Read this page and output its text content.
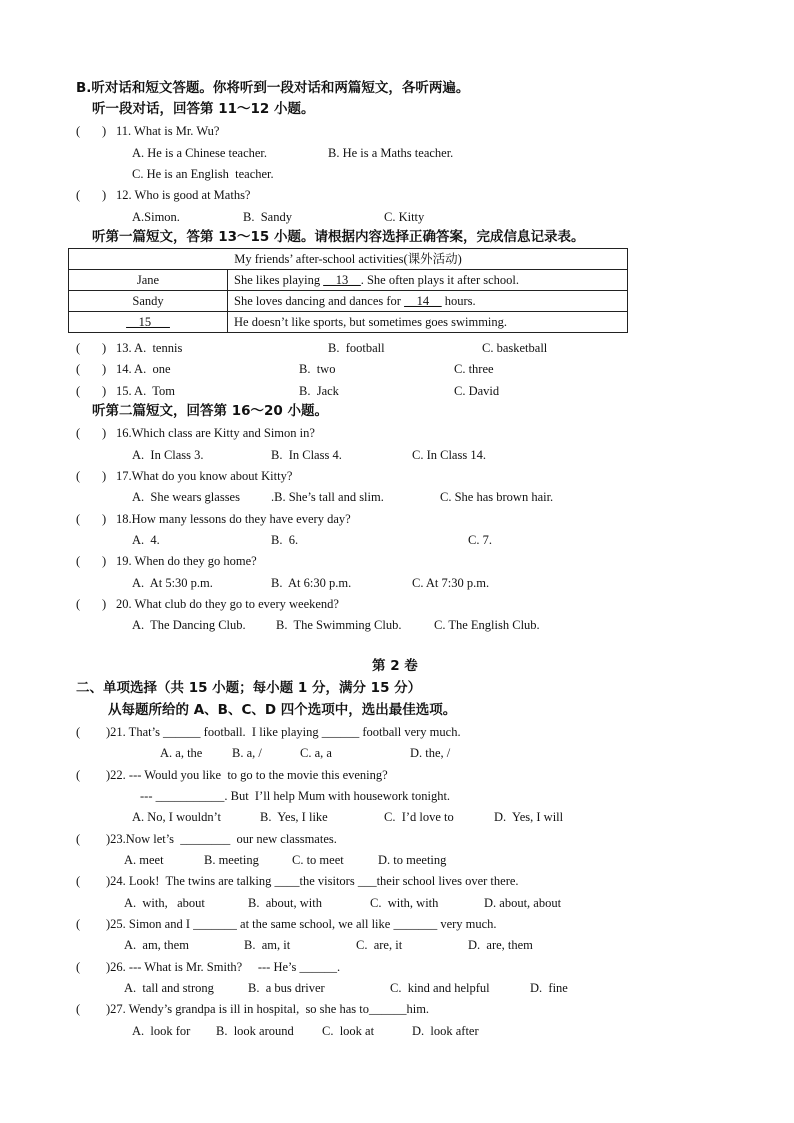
B.听对话和短文答题。你将听到一段对话和两篇短文，各听两遍。
听一段对话，回答第 11～12 小题。
(       ) 11. What is Mr. Wu?
A. He is a Chinese teacher.	B. He is a Maths teacher.
C. He is an English  teacher.
(       ) 12. Who is good at Maths?
A.Simon.	B.  Sandy	C. Kitty
听第一篇短文，答第 13～15 小题。请根据内容选择正确答案，完成信息记录表。
My friends’ after-school activities(课外活动)	
Jane	She likes playing __13__. She often plays it after school.
Sandy	She loves dancing and dances for __14__ hours.
__15___	He doesn’t like sports, but sometimes goes swimming.
(       ) 13. A.  tennis	B.  football	C. basketball
(       ) 14. A.  one	B.  two	C. three
(       ) 15. A.  Tom	B.  Jack	C. David
听第二篇短文，回答第 16～20 小题。
(       ) 16.Which class are Kitty and Simon in?
A.  In Class 3.	B.  In Class 4.	C. In Class 14.
(       ) 17.What do you know about Kitty?
A.  She wears glasses .B. She’s tall and slim.	C. She has brown hair.
(       ) 18.How many lessons do they have every day?
A.  4.	B.  6.	C. 7.
(       ) 19. When do they go home?
A.  At 5:30 p.m.	B.  At 6:30 p.m.	C. At 7:30 p.m.
(       ) 20. What club do they go to every weekend?
A.  The Dancing Club. B.  The Swimming Club.	C. The English Club.
第 2 卷
二、单项选择（共 15 小题；每小题 1 分，满分 15 分）
从每题所给的 A、B、C、D 四个选项中，选出最佳选项。
( )21. That’s ______ football.  I like playing ______ football very much.
A. a, the B. a, /	C. a, a	D. the, /
( )22. --- Would you like  to go to the movie this evening?
--- ___________. But  I’ll help Mum with housework tonight.
A. No, I wouldn’t	B.  Yes, I like	C.  I’d love to	D.  Yes, I will
( )23.Now let’s  ________  our new classmates.
A. meet	B. meeting	C. to meet	D. to meeting
( )24. Look!  The twins are talking ____the visitors ___their school lives over there.
A.  with,   about	B.  about, with	C.  with, with	D. about, about
( )25. Simon and I _______ at the same school, we all like _______ very much.
A.  am, them	B.  am, it	C.  are, it	D.  are, them
( )26. --- What is Mr. Smith?     --- He’s ______.
A.  tall and strong	B.  a bus driver	C.  kind and helpful	D.  fine
( )27. Wendy’s grandpa is ill in hospital,  so she has to______him.
A.  look for B.  look around C.  look at	D.  look after
